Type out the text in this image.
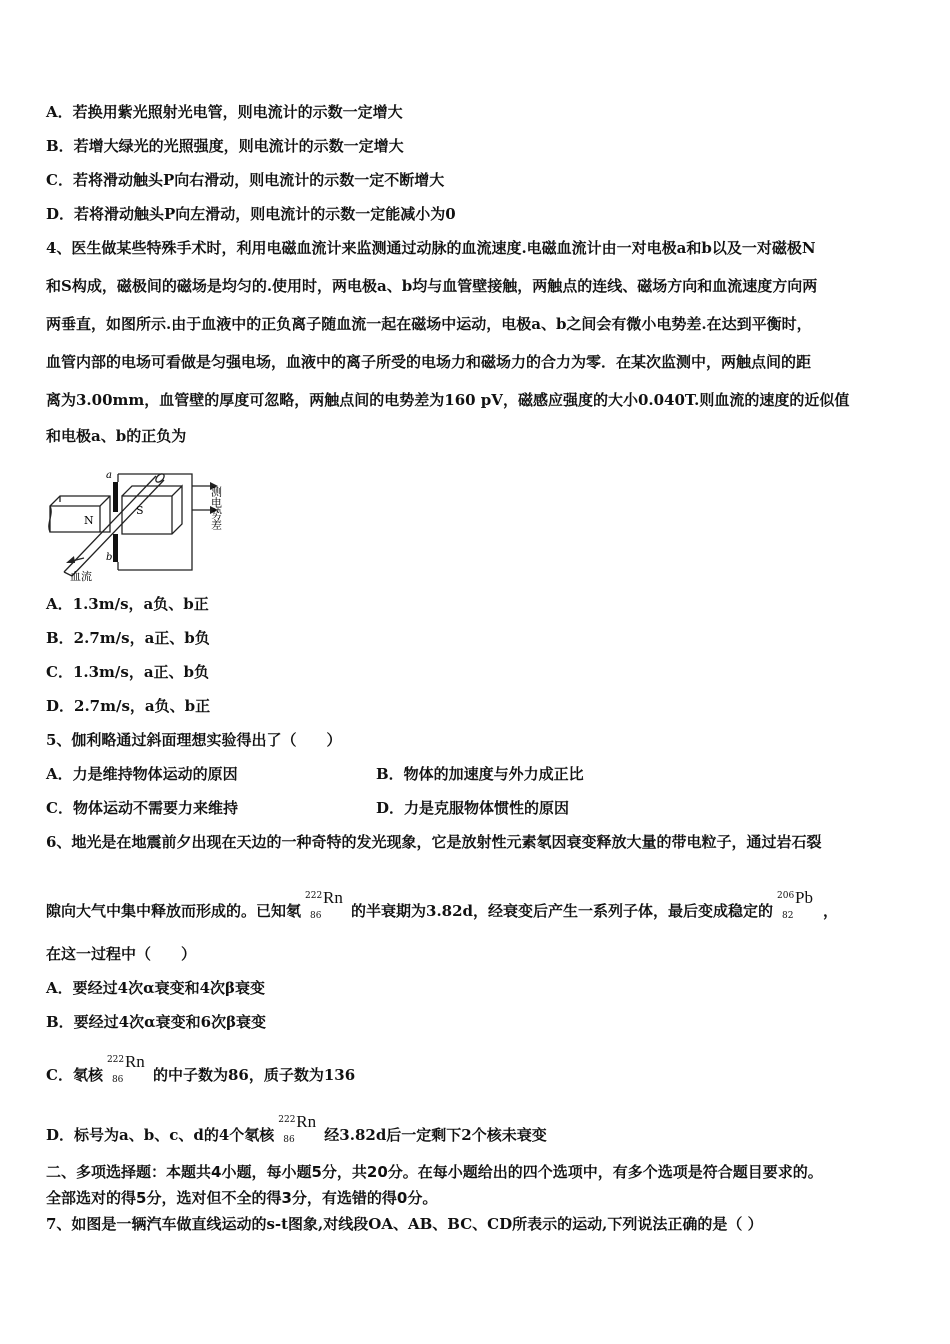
A．若换用紫光照射光电管，则电流计的示数一定增大
B．若增大绿光的光照强度，则电流计的示数一定增大
C．若将滑动触头P向右滑动，则电流计的示数一定不断增大
D．若将滑动触头P向左滑动，则电流计的示数一定能减小为0
4、医生做某些特殊手术时，利用电磁血流计来监测通过动脉的血流速度.电磁血流计由一对电极a和b以及一对磁极N
和S构成，磁极间的磁场是均匀的.使用时，两电极a、b均与血管壁接触，两触点的连线、磁场方向和血流速度方向两
两垂直，如图所示.由于血液中的正负离子随血流一起在磁场中运动，电极a、b之间会有微小电势差.在达到平衡时，
血管内部的电场可看做是匀强电场，血液中的离子所受的电场力和磁场力的合力为零．在某次监测中，两触点间的距
离为3.00mm，血管壁的厚度可忽略，两触点间的电势差为160 pV，磁感应强度的大小0.040T.则血流的速度的近似值
和电极a、b的正负为
a
b
N
S
血流
测电势差
A．1.3m/s，a负、b正
B．2.7m/s，a正、b负
C．1.3m/s，a正、b负
D．2.7m/s，a负、b正
5、伽利略通过斜面理想实验得出了（　　）
A．力是维持物体运动的原因	B．物体的加速度与外力成正比
C．物体运动不需要力来维持	D．力是克服物体惯性的原因
6、地光是在地震前夕出现在天边的一种奇特的发光现象，它是放射性元素氡因衰变释放大量的带电粒子，通过岩石裂
隙向大气中集中释放而形成的。已知氡
222
86
Rn
的半衰期为3.82d，经衰变后产生一系列子体，最后变成稳定的
206
82
Pb
，
在这一过程中（　　）
A．要经过4次α衰变和4次β衰变
B．要经过4次α衰变和6次β衰变
C．氡核
222
86
Rn
的中子数为86，质子数为136
D．标号为a、b、c、d的4个氡核
222
86
Rn
经3.82d后一定剩下2个核未衰变
二、多项选择题：本题共4小题，每小题5分，共20分。在每小题给出的四个选项中，有多个选项是符合题目要求的。
全部选对的得5分，选对但不全的得3分，有选错的得0分。
7、如图是一辆汽车做直线运动的s-t图象,对线段OA、AB、BC、CD所表示的运动,下列说法正确的是（ ）
